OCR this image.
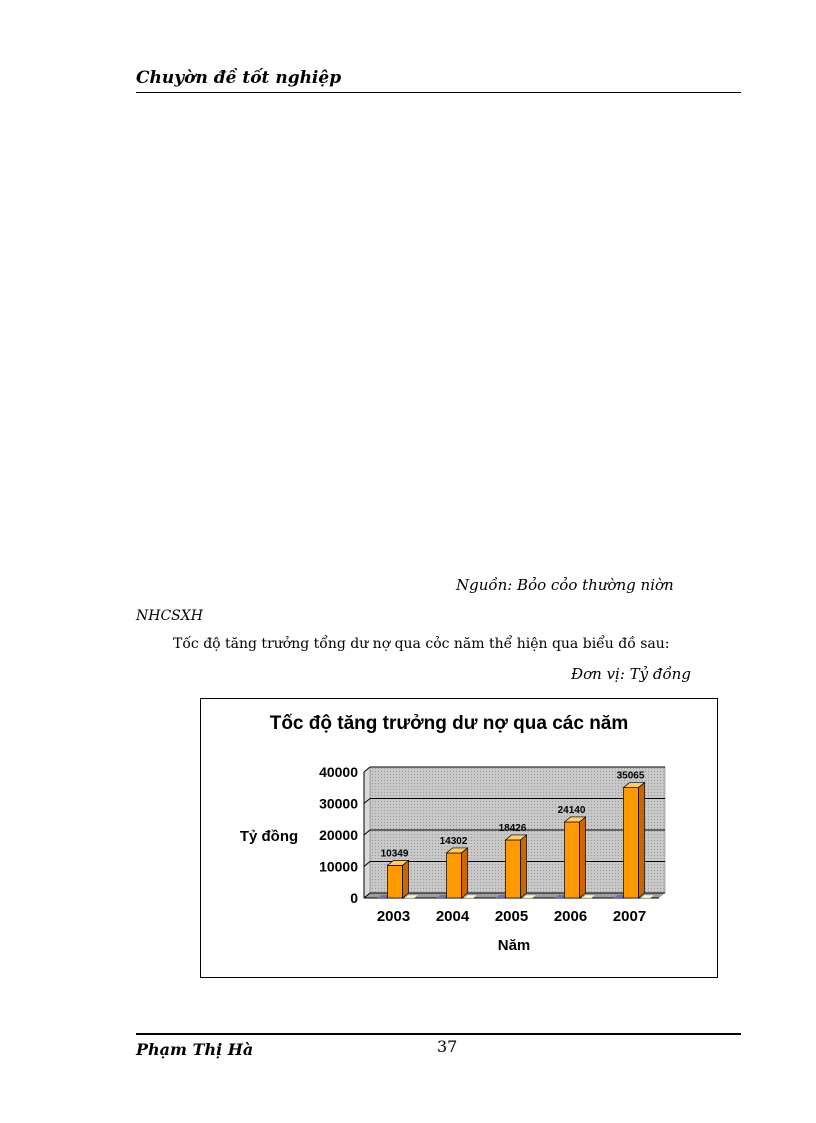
Chuyờn đề tốt nghiệp
Nguồn: Bỏo cỏo thường niờn
NHCSXH
Tốc độ tăng trưởng tổng dư nợ qua cỏc năm thể hiện qua biểu đồ sau:
Đơn vị: Tỷ đồng
Tốc độ tăng trưởng dư nợ qua các năm
Tỷ đồng
Năm
0
10000
20000
30000
40000
10349
2003
14302
2004
18426
2005
24140
2006
35065
2007
Phạm Thị Hà	37
